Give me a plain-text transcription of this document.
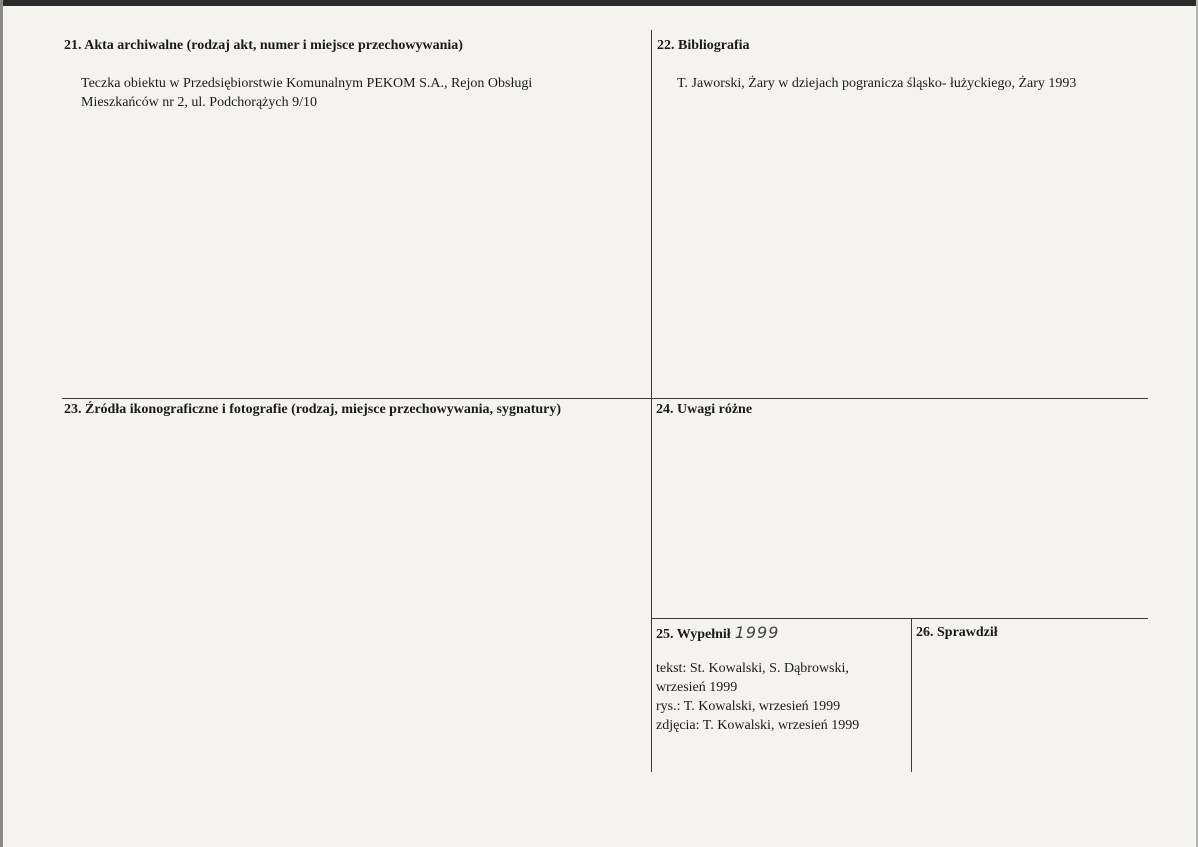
21. Akta archiwalne (rodzaj akt, numer i miejsce przechowywania)
Teczka obiektu w Przedsiębiorstwie Komunalnym PEKOM S.A., Rejon Obsługi
Mieszkańców nr 2, ul. Podchorążych 9/10
22. Bibliografia
T. Jaworski, Żary w dziejach pogranicza śląsko- łużyckiego, Żary 1993
23. Źródła ikonograficzne i fotografie (rodzaj, miejsce przechowywania, sygnatury)	24. Uwagi różne
25. Wypełnił 1999
tekst: St. Kowalski, S. Dąbrowski,
wrzesień 1999
rys.: T. Kowalski, wrzesień 1999
zdjęcia: T. Kowalski, wrzesień 1999
26. Sprawdził
